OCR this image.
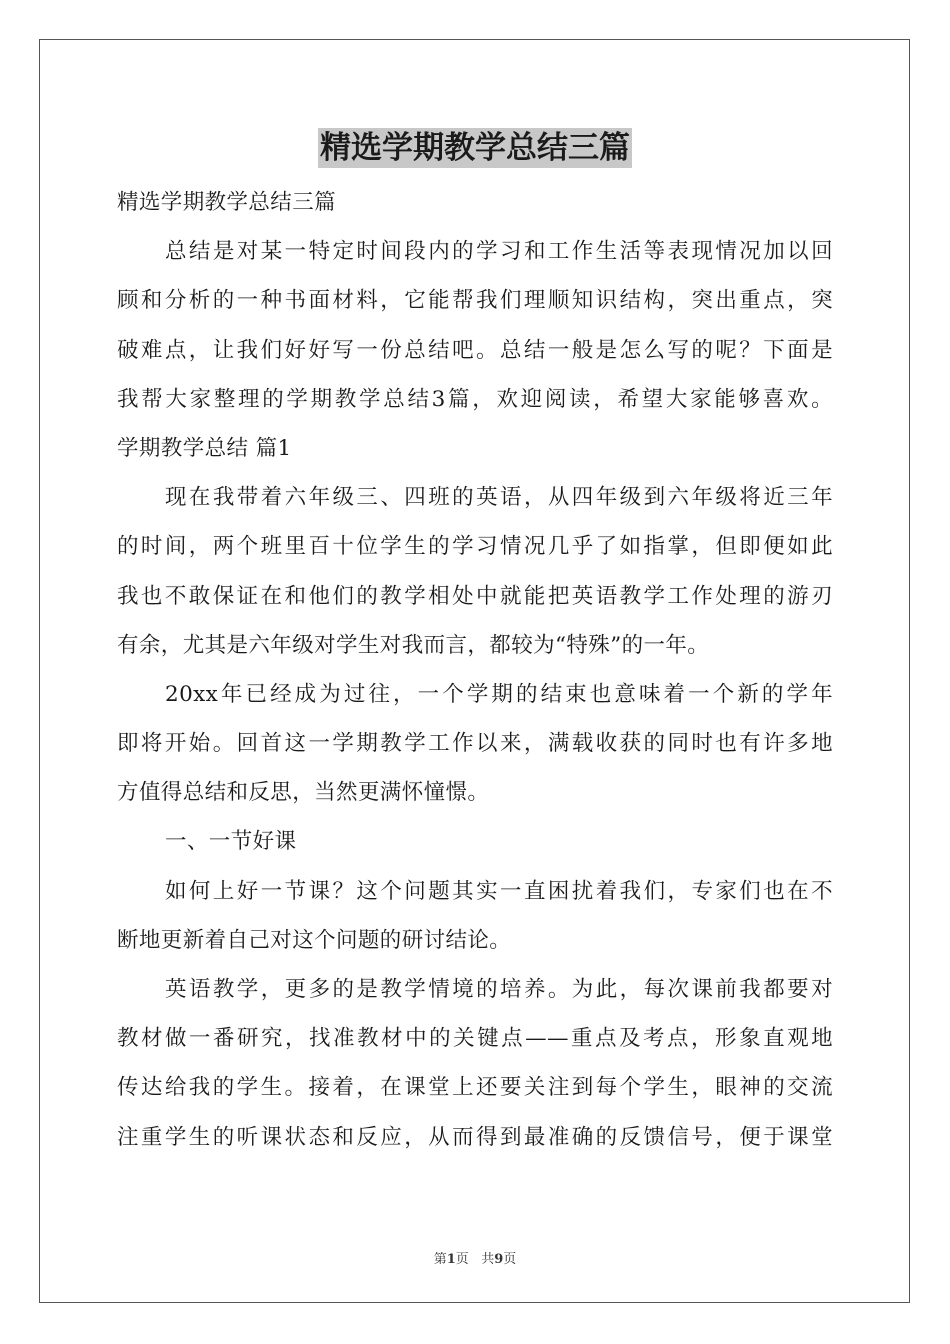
精选学期教学总结三篇
精选学期教学总结三篇
总结是对某一特定时间段内的学习和工作生活等表现情况加以回
顾和分析的一种书面材料，它能帮我们理顺知识结构，突出重点，突
破难点，让我们好好写一份总结吧。总结一般是怎么写的呢？下面是
我帮大家整理的学期教学总结3篇，欢迎阅读，希望大家能够喜欢。
学期教学总结 篇1
现在我带着六年级三、四班的英语，从四年级到六年级将近三年
的时间，两个班里百十位学生的学习情况几乎了如指掌，但即便如此
我也不敢保证在和他们的教学相处中就能把英语教学工作处理的游刃
有余，尤其是六年级对学生对我而言，都较为“特殊”的一年。
20xx年已经成为过往，一个学期的结束也意味着一个新的学年
即将开始。回首这一学期教学工作以来，满载收获的同时也有许多地
方值得总结和反思，当然更满怀憧憬。
一、一节好课
如何上好一节课？这个问题其实一直困扰着我们，专家们也在不
断地更新着自己对这个问题的研讨结论。
英语教学，更多的是教学情境的培养。为此，每次课前我都要对
教材做一番研究，找准教材中的关键点——重点及考点，形象直观地
传达给我的学生。接着，在课堂上还要关注到每个学生，眼神的交流
注重学生的听课状态和反应，从而得到最准确的反馈信号，便于课堂
第1页 共9页
